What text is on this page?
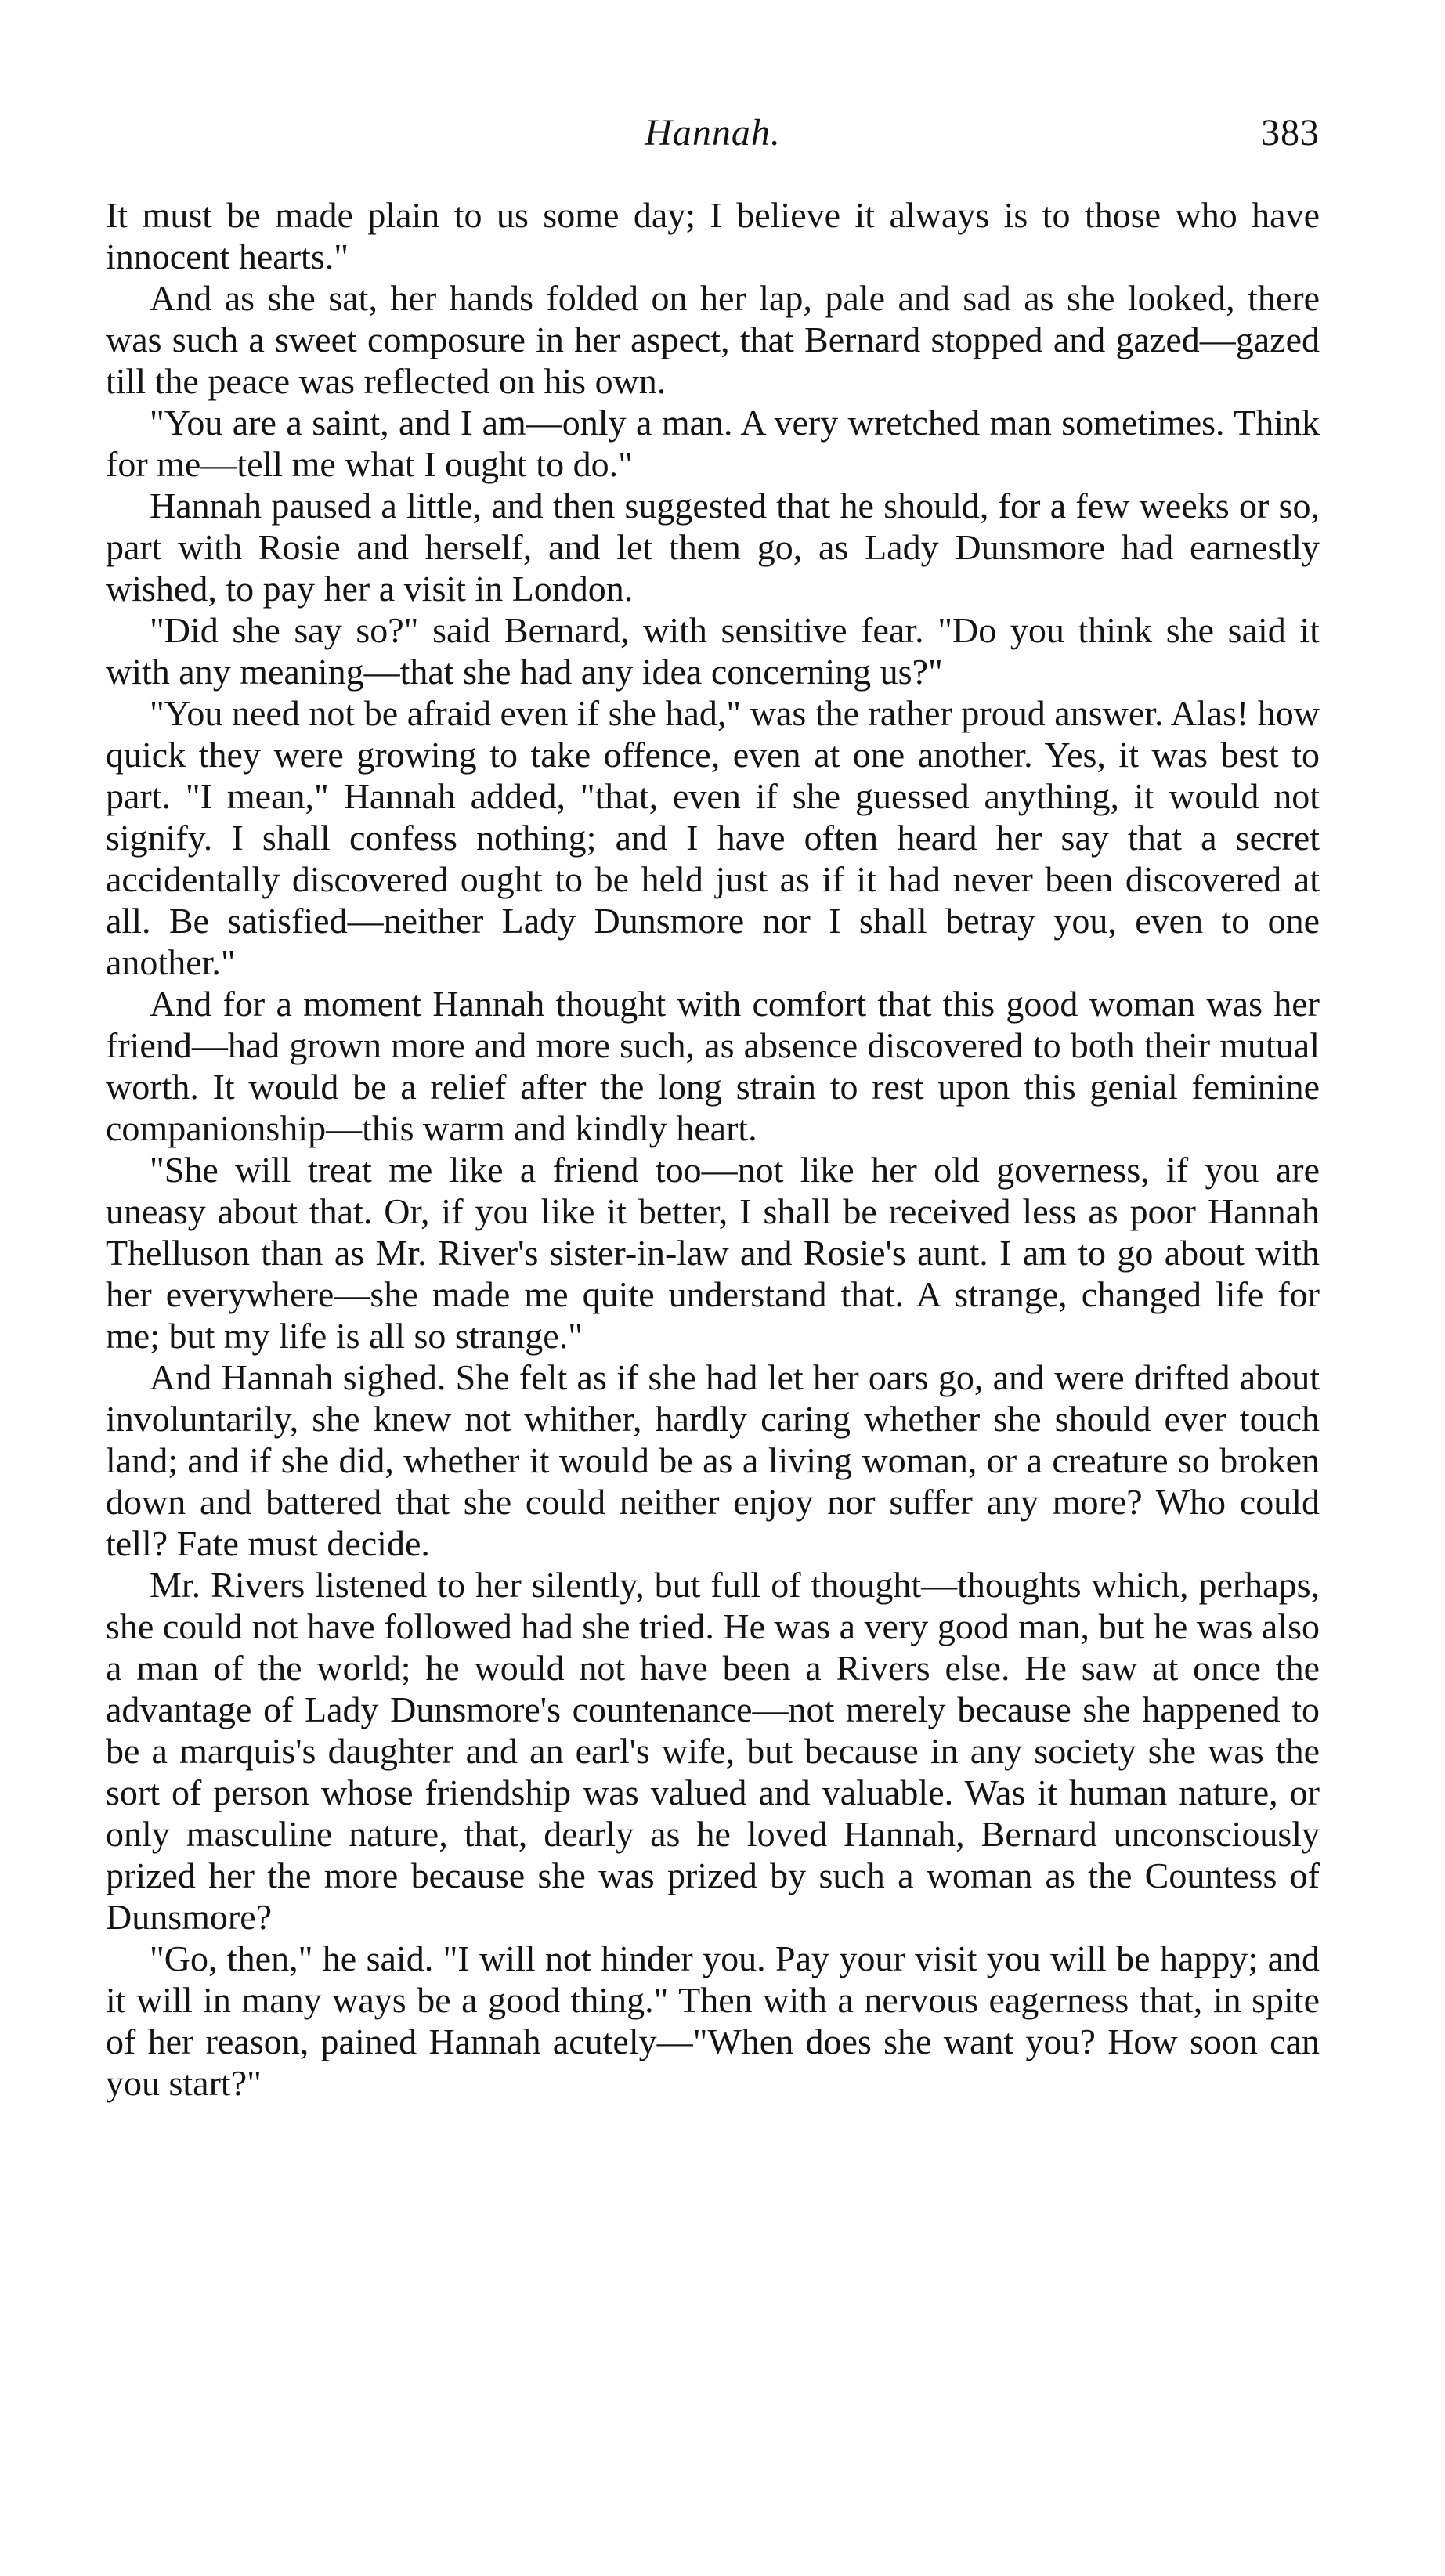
Hannah.	383

It must be made plain to us some day; I believe it always is to those who have innocent hearts."

And as she sat, her hands folded on her lap, pale and sad as she looked, there was such a sweet composure in her aspect, that Bernard stopped and gazed—gazed till the peace was reflected on his own.

"You are a saint, and I am—only a man. A very wretched man sometimes. Think for me—tell me what I ought to do."

Hannah paused a little, and then suggested that he should, for a few weeks or so, part with Rosie and herself, and let them go, as Lady Dunsmore had earnestly wished, to pay her a visit in London.

"Did she say so?" said Bernard, with sensitive fear. "Do you think she said it with any meaning—that she had any idea concerning us?"

"You need not be afraid even if she had," was the rather proud answer. Alas! how quick they were growing to take offence, even at one another. Yes, it was best to part. "I mean," Hannah added, "that, even if she guessed anything, it would not signify. I shall confess nothing; and I have often heard her say that a secret accidentally discovered ought to be held just as if it had never been discovered at all. Be satisfied—neither Lady Dunsmore nor I shall betray you, even to one another."

And for a moment Hannah thought with comfort that this good woman was her friend—had grown more and more such, as absence discovered to both their mutual worth. It would be a relief after the long strain to rest upon this genial feminine companionship—this warm and kindly heart.

"She will treat me like a friend too—not like her old governess, if you are uneasy about that. Or, if you like it better, I shall be received less as poor Hannah Thelluson than as Mr. River's sister-in-law and Rosie's aunt. I am to go about with her everywhere—she made me quite understand that. A strange, changed life for me; but my life is all so strange."

And Hannah sighed. She felt as if she had let her oars go, and were drifted about involuntarily, she knew not whither, hardly caring whether she should ever touch land; and if she did, whether it would be as a living woman, or a creature so broken down and battered that she could neither enjoy nor suffer any more? Who could tell? Fate must decide.

Mr. Rivers listened to her silently, but full of thought—thoughts which, perhaps, she could not have followed had she tried. He was a very good man, but he was also a man of the world; he would not have been a Rivers else. He saw at once the advantage of Lady Dunsmore's countenance—not merely because she happened to be a marquis's daughter and an earl's wife, but because in any society she was the sort of person whose friendship was valued and valuable. Was it human nature, or only masculine nature, that, dearly as he loved Hannah, Bernard unconsciously prized her the more because she was prized by such a woman as the Countess of Dunsmore?

"Go, then," he said. "I will not hinder you. Pay your visit you will be happy; and it will in many ways be a good thing." Then with a nervous eagerness that, in spite of her reason, pained Hannah acutely—"When does she want you? How soon can you start?"
